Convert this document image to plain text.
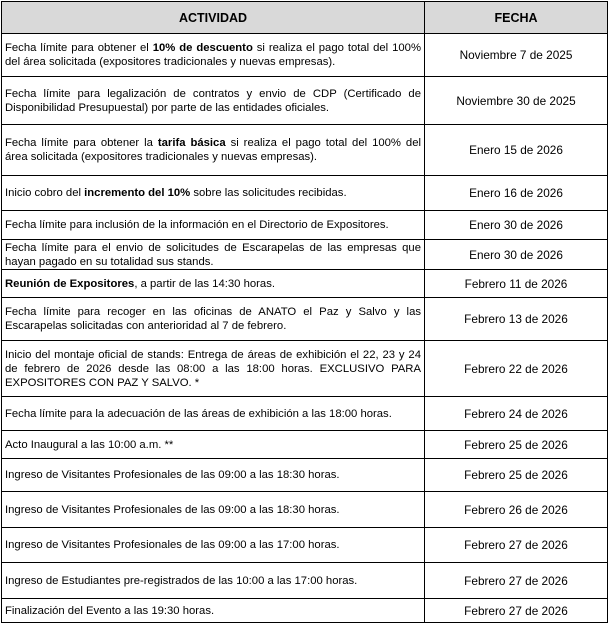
ACTIVIDAD	FECHA
Fecha límite para obtener el 10% de descuento si realiza el pago total del 100% del área solicitada (expositores tradicionales y nuevas empresas).	Noviembre 7 de 2025
Fecha límite para legalización de contratos y envio de CDP (Certificado de Disponibilidad Presupuestal) por parte de las entidades oficiales.	Noviembre 30 de 2025
Fecha límite para obtener la tarifa básica si realiza el pago total del 100% del área solicitada (expositores tradicionales y nuevas empresas).	Enero 15 de 2026
Inicio cobro del incremento del 10% sobre las solicitudes recibidas.	Enero 16 de 2026
Fecha límite para inclusión de la información en el Directorio de Expositores.	Enero 30 de 2026
Fecha límite para el envio de solicitudes de Escarapelas de las empresas que hayan pagado en su totalidad sus stands.	Enero 30 de 2026
Reunión de Expositores, a partir de las 14:30 horas.	Febrero 11 de 2026
Fecha límite para recoger en las oficinas de ANATO el Paz y Salvo y las Escarapelas solicitadas con anterioridad al 7 de febrero.	Febrero 13 de 2026
Inicio del montaje oficial de stands: Entrega de áreas de exhibición el 22, 23 y 24 de febrero de 2026 desde las 08:00 a las 18:00 horas. EXCLUSIVO PARA EXPOSITORES CON PAZ Y SALVO. *	Febrero 22 de 2026
Fecha límite para la adecuación de las áreas de exhibición a las 18:00 horas.	Febrero 24 de 2026
Acto Inaugural a las 10:00 a.m. **	Febrero 25 de 2026
Ingreso de Visitantes Profesionales de las 09:00 a las 18:30 horas.	Febrero 25 de 2026
Ingreso de Visitantes Profesionales de las 09:00 a las 18:30 horas.	Febrero 26 de 2026
Ingreso de Visitantes Profesionales de las 09:00 a las 17:00 horas.	Febrero 27 de 2026
Ingreso de Estudiantes pre-registrados de las 10:00 a las 17:00 horas.	Febrero 27 de 2026
Finalización del Evento a las 19:30 horas.	Febrero 27 de 2026
